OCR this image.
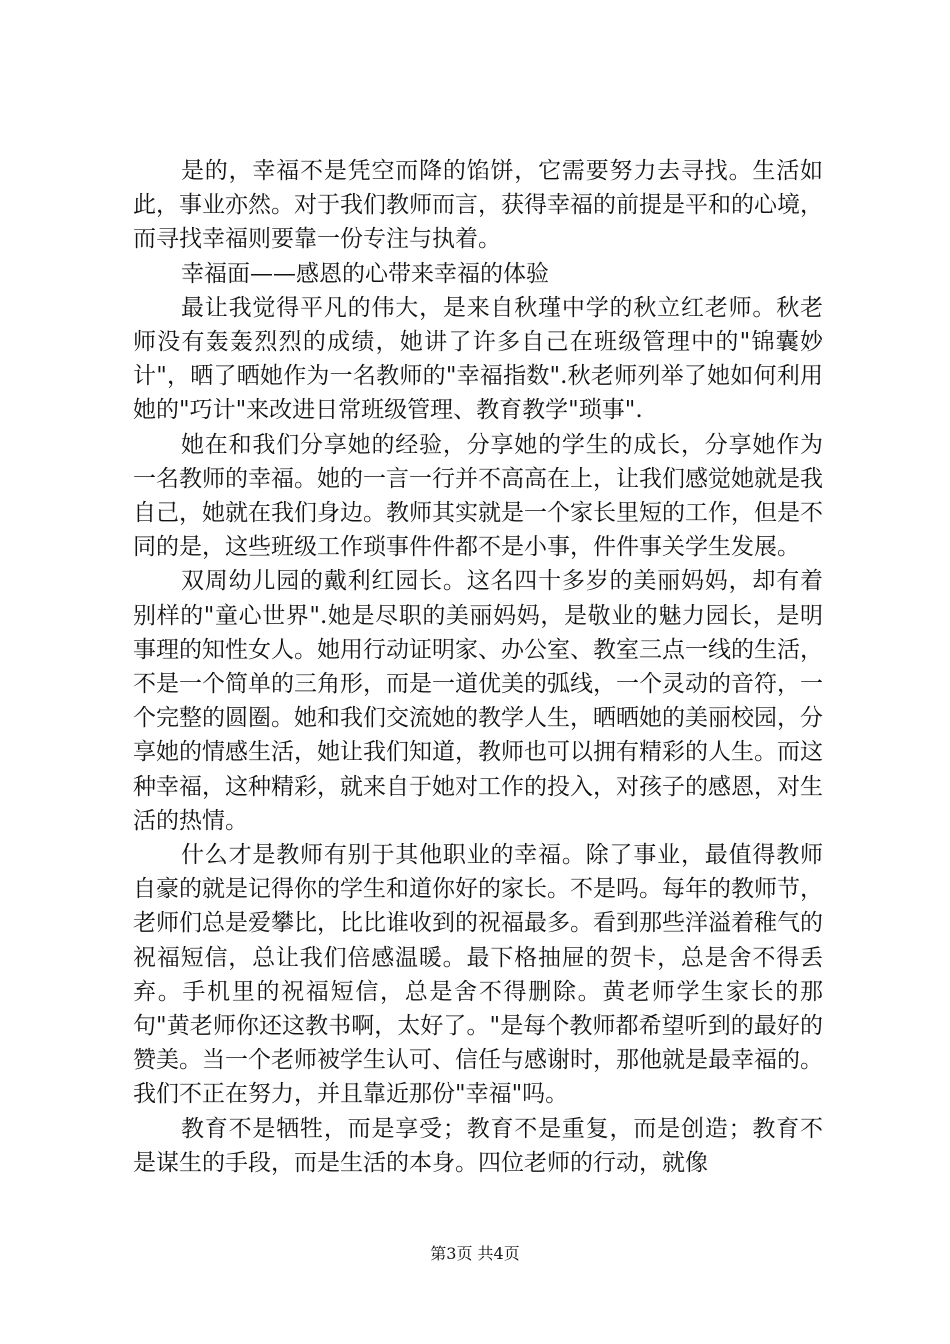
是的，幸福不是凭空而降的馅饼，它需要努力去寻找。生活如此，事业亦然。对于我们教师而言，获得幸福的前提是平和的心境，而寻找幸福则要靠一份专注与执着。

幸福面——感恩的心带来幸福的体验

最让我觉得平凡的伟大，是来自秋瑾中学的秋立红老师。秋老师没有轰轰烈烈的成绩，她讲了许多自己在班级管理中的"锦囊妙计"，晒了晒她作为一名教师的"幸福指数".秋老师列举了她如何利用她的"巧计"来改进日常班级管理、教育教学"琐事".

她在和我们分享她的经验，分享她的学生的成长，分享她作为一名教师的幸福。她的一言一行并不高高在上，让我们感觉她就是我自己，她就在我们身边。教师其实就是一个家长里短的工作，但是不同的是，这些班级工作琐事件件都不是小事，件件事关学生发展。

双周幼儿园的戴利红园长。这名四十多岁的美丽妈妈，却有着别样的"童心世界".她是尽职的美丽妈妈，是敬业的魅力园长，是明事理的知性女人。她用行动证明家、办公室、教室三点一线的生活，不是一个简单的三角形，而是一道优美的弧线，一个灵动的音符，一个完整的圆圈。她和我们交流她的教学人生，晒晒她的美丽校园，分享她的情感生活，她让我们知道，教师也可以拥有精彩的人生。而这种幸福，这种精彩，就来自于她对工作的投入，对孩子的感恩，对生活的热情。

什么才是教师有别于其他职业的幸福。除了事业，最值得教师自豪的就是记得你的学生和道你好的家长。不是吗。每年的教师节，老师们总是爱攀比，比比谁收到的祝福最多。看到那些洋溢着稚气的祝福短信，总让我们倍感温暖。最下格抽屉的贺卡，总是舍不得丢弃。手机里的祝福短信，总是舍不得删除。黄老师学生家长的那句"黄老师你还这教书啊，太好了。"是每个教师都希望听到的最好的赞美。当一个老师被学生认可、信任与感谢时，那他就是最幸福的。我们不正在努力，并且靠近那份"幸福"吗。

教育不是牺牲，而是享受；教育不是重复，而是创造；教育不是谋生的手段，而是生活的本身。四位老师的行动，就像

第3页 共4页
